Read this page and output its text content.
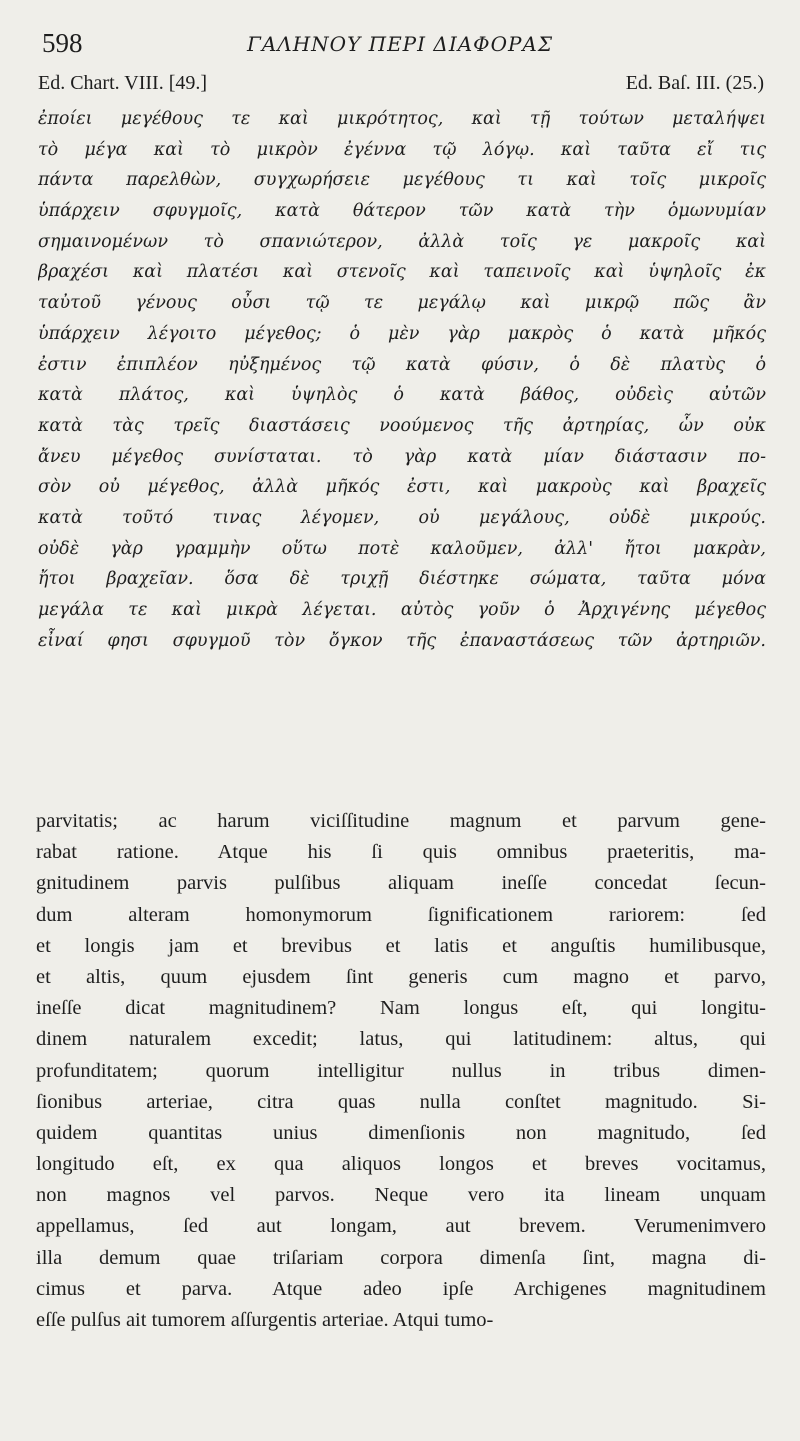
598	ΓΑΛΗΝΟΥ ΠΕΡΙ ΔΙΑΦΟΡΑΣ
Ed. Chart. VIII. [49.]	Ed. Baſ. III. (25.)
ἐποίει μεγέθους τε καὶ μικρότητος, καὶ τῇ τούτων μεταλήψει
τὸ μέγα καὶ τὸ μικρὸν ἐγέννα τῷ λόγῳ. καὶ ταῦτα εἴ τις
πάντα παρελθὼν, συγχωρήσειε μεγέθους τι καὶ τοῖς μικροῖς
ὑπάρχειν σφυγμοῖς, κατὰ θάτερον τῶν κατὰ τὴν ὁμωνυμίαν
σημαινομένων τὸ σπανιώτερον, ἀλλὰ τοῖς γε μακροῖς καὶ
βραχέσι καὶ πλατέσι καὶ στενοῖς καὶ ταπεινοῖς καὶ ὑψηλοῖς ἐκ
ταὐτοῦ γένους οὖσι τῷ τε μεγάλῳ καὶ μικρῷ πῶς ἂν
ὑπάρχειν λέγοιτο μέγεθος; ὁ μὲν γὰρ μακρὸς ὁ κατὰ μῆκός
ἐστιν ἐπιπλέον ηὐξημένος τῷ κατὰ φύσιν, ὁ δὲ πλατὺς ὁ
κατὰ πλάτος, καὶ ὑψηλὸς ὁ κατὰ βάθος, οὐδεὶς αὐτῶν
κατὰ τὰς τρεῖς διαστάσεις νοούμενος τῆς ἀρτηρίας, ὧν οὐκ
ἄνευ μέγεθος συνίσταται. τὸ γὰρ κατὰ μίαν διάστασιν πο-
σὸν οὐ μέγεθος, ἀλλὰ μῆκός ἐστι, καὶ μακροὺς καὶ βραχεῖς
κατὰ τοῦτό τινας λέγομεν, οὐ μεγάλους, οὐδὲ μικρούς.
οὐδὲ γὰρ γραμμὴν οὕτω ποτὲ καλοῦμεν, ἀλλ' ἤτοι μακρὰν,
ἤτοι βραχεῖαν. ὅσα δὲ τριχῇ διέστηκε σώματα, ταῦτα μόνα
μεγάλα τε καὶ μικρὰ λέγεται. αὐτὸς γοῦν ὁ Ἀρχιγένης μέγεθος
εἶναί φησι σφυγμοῦ τὸν ὄγκον τῆς ἐπαναστάσεως τῶν ἀρτηριῶν.
parvitatis; ac harum viciſſitudine magnum et parvum gene-
rabat ratione. Atque his ſi quis omnibus praeteritis, ma-
gnitudinem parvis pulſibus aliquam ineſſe concedat ſecun-
dum alteram homonymorum ſignificationem rariorem: ſed
et longis jam et brevibus et latis et anguſtis humilibusque,
et altis, quum ejusdem ſint generis cum magno et parvo,
ineſſe dicat magnitudinem? Nam longus eſt, qui longitu-
dinem naturalem excedit; latus, qui latitudinem: altus, qui
profunditatem; quorum intelligitur nullus in tribus dimen-
ſionibus arteriae, citra quas nulla conſtet magnitudo. Si-
quidem quantitas unius dimenſionis non magnitudo, ſed
longitudo eſt, ex qua aliquos longos et breves vocitamus,
non magnos vel parvos. Neque vero ita lineam unquam
appellamus, ſed aut longam, aut brevem. Verumenimvero
illa demum quae triſariam corpora dimenſa ſint, magna di-
cimus et parva. Atque adeo ipſe Archigenes magnitudinem
eſſe pulſus ait tumorem aſſurgentis arteriae. Atqui tumo-
